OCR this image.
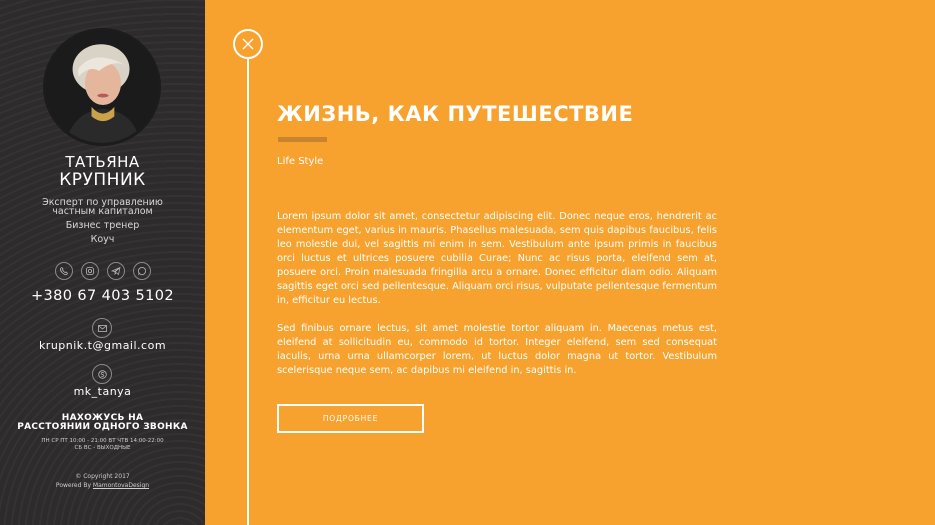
ТАТЬЯНА
КРУПНИК
Эксперт по управлению
частным капиталом
Бизнес тренер
Коуч
+380 67 403 5102
krupnik.t@gmail.com
mk_tanya
НАХОЖУСЬ НА
РАССТОЯНИИ ОДНОГО ЗВОНКА
ПН СР ПТ 10:00 - 21:00 ВТ ЧТВ 14:00-22:00
СБ ВС - ВЫХОДНЫЕ
© Copyright 2017
Powered By MamontovaDesign
ЖИЗНЬ, КАК ПУТЕШЕСТВИЕ
Life Style
Lorem ipsum dolor sit amet, consectetur adipiscing elit. Donec neque eros, hendrerit ac elementum eget, varius in mauris. Phasellus malesuada, sem quis dapibus faucibus, felis leo molestie dui, vel sagittis mi enim in sem. Vestibulum ante ipsum primis in faucibus orci luctus et ultrices posuere cubilia Curae; Nunc ac risus porta, eleifend sem at, posuere orci. Proin malesuada fringilla arcu a ornare. Donec efficitur diam odio. Aliquam sagittis eget orci sed pellentesque. Aliquam orci risus, vulputate pellentesque fermentum in, efficitur eu lectus.
Sed finibus ornare lectus, sit amet molestie tortor aliquam in. Maecenas metus est, eleifend at sollicitudin eu, commodo id tortor. Integer eleifend, sem sed consequat iaculis, urna urna ullamcorper lorem, ut luctus dolor magna ut tortor. Vestibulum scelerisque neque sem, ac dapibus mi eleifend in, sagittis in.
ПОДРОБНЕЕ
